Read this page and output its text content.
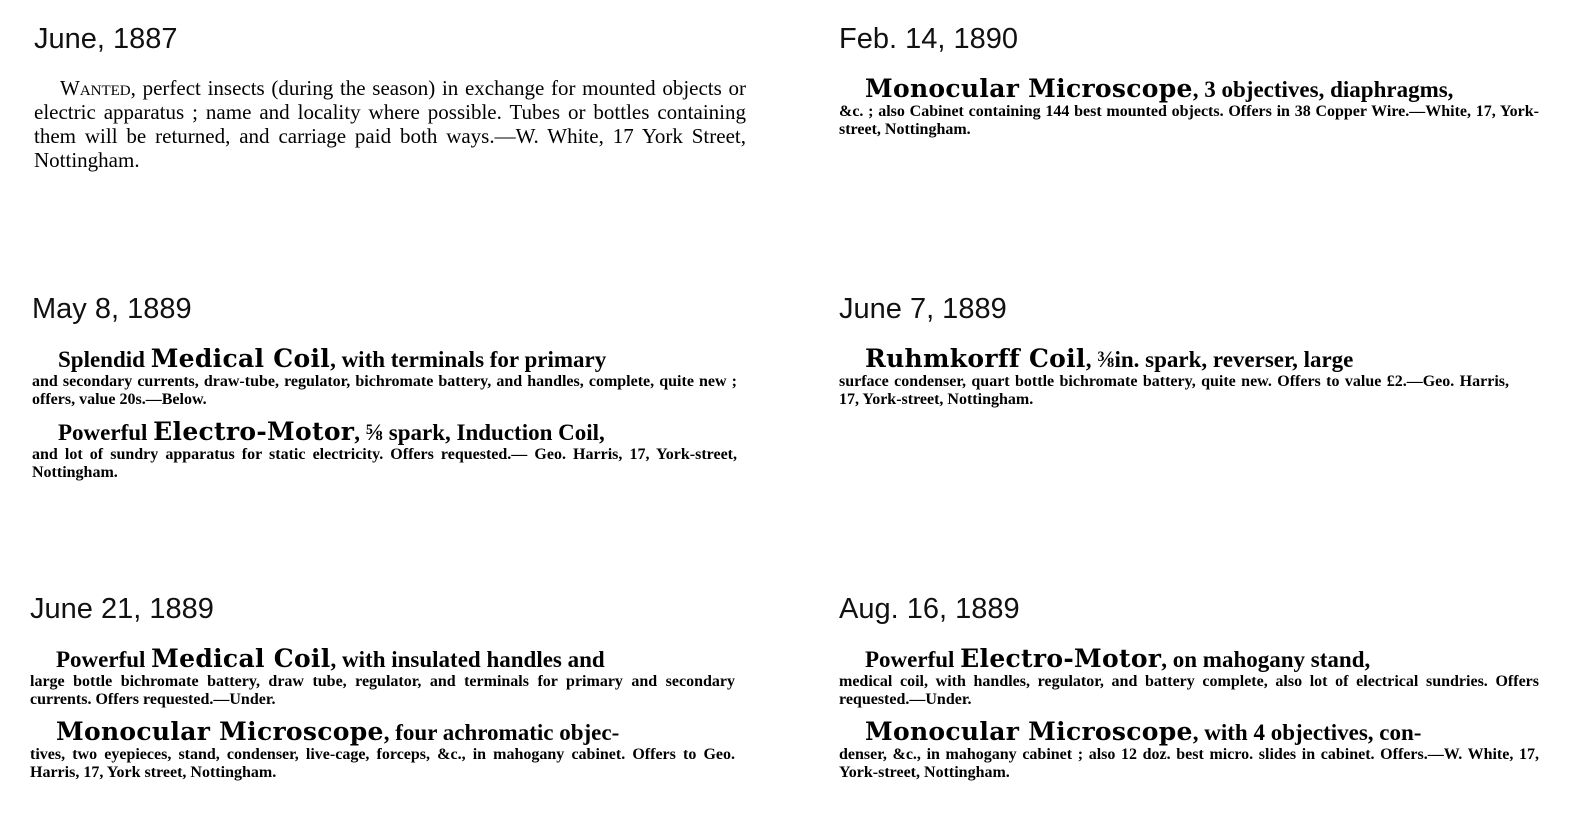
June, 1887
Wanted, perfect insects (during the season) in exchange for mounted objects or electric apparatus ; name and locality where possible. Tubes or bottles containing them will be returned, and carriage paid both ways.—W. White, 17 York Street, Nottingham.
Feb. 14, 1890
Monocular Microscope, 3 objectives, diaphragms,
&c. ; also Cabinet containing 144 best mounted objects. Offers in 38 Copper Wire.—White, 17, York-street, Nottingham.
May 8, 1889
Splendid Medical Coil, with terminals for primary
and secondary currents, draw-tube, regulator, bichromate battery, and handles, complete, quite new ; offers, value 20s.—Below.
Powerful Electro-Motor, ⅝ spark, Induction Coil,
and lot of sundry apparatus for static electricity. Offers requested.— Geo. Harris, 17, York-street, Nottingham.
June 7, 1889
Ruhmkorff Coil, ⅜in. spark, reverser, large
surface condenser, quart bottle bichromate battery, quite new. Offers to value £2.—Geo. Harris, 17, York-street, Nottingham.
June 21, 1889
Powerful Medical Coil, with insulated handles and
large bottle bichromate battery, draw tube, regulator, and terminals for primary and secondary currents. Offers requested.—Under.
Monocular Microscope, four achromatic objec-
tives, two eyepieces, stand, condenser, live-cage, forceps, &c., in mahogany cabinet. Offers to Geo. Harris, 17, York street, Nottingham.
Aug. 16, 1889
Powerful Electro-Motor, on mahogany stand,
medical coil, with handles, regulator, and battery complete, also lot of electrical sundries. Offers requested.—Under.
Monocular Microscope, with 4 objectives, con-
denser, &c., in mahogany cabinet ; also 12 doz. best micro. slides in cabinet. Offers.—W. White, 17, York-street, Nottingham.
